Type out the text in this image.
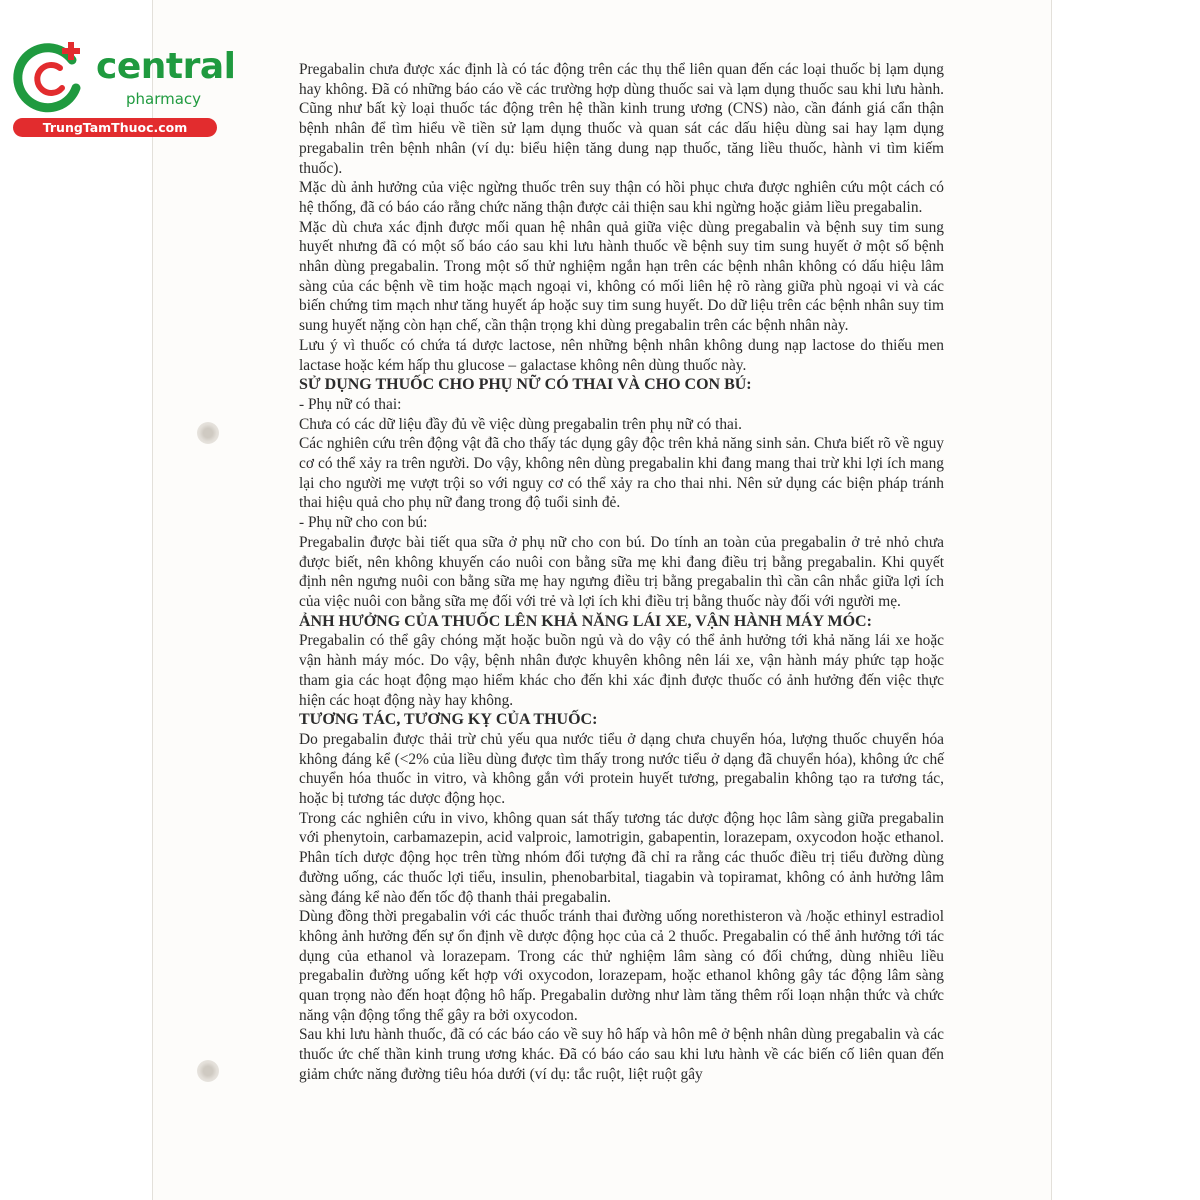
central
pharmacy
TrungTamThuoc.com

Pregabalin chưa được xác định là có tác động trên các thụ thể liên quan đến các loại thuốc bị lạm dụng hay không. Đã có những báo cáo về các trường hợp dùng thuốc sai và lạm dụng thuốc sau khi lưu hành. Cũng như bất kỳ loại thuốc tác động trên hệ thần kinh trung ương (CNS) nào, cần đánh giá cẩn thận bệnh nhân để tìm hiểu về tiền sử lạm dụng thuốc và quan sát các dấu hiệu dùng sai hay lạm dụng pregabalin trên bệnh nhân (ví dụ: biểu hiện tăng dung nạp thuốc, tăng liều thuốc, hành vi tìm kiếm thuốc).

Mặc dù ảnh hưởng của việc ngừng thuốc trên suy thận có hồi phục chưa được nghiên cứu một cách có hệ thống, đã có báo cáo rằng chức năng thận được cải thiện sau khi ngừng hoặc giảm liều pregabalin.

Mặc dù chưa xác định được mối quan hệ nhân quả giữa việc dùng pregabalin và bệnh suy tim sung huyết nhưng đã có một số báo cáo sau khi lưu hành thuốc về bệnh suy tim sung huyết ở một số bệnh nhân dùng pregabalin. Trong một số thử nghiệm ngắn hạn trên các bệnh nhân không có dấu hiệu lâm sàng của các bệnh về tim hoặc mạch ngoại vi, không có mối liên hệ rõ ràng giữa phù ngoại vi và các biến chứng tim mạch như tăng huyết áp hoặc suy tim sung huyết. Do dữ liệu trên các bệnh nhân suy tim sung huyết nặng còn hạn chế, cần thận trọng khi dùng pregabalin trên các bệnh nhân này.

Lưu ý vì thuốc có chứa tá dược lactose, nên những bệnh nhân không dung nạp lactose do thiếu men lactase hoặc kém hấp thu glucose – galactase không nên dùng thuốc này.

SỬ DỤNG THUỐC CHO PHỤ NỮ CÓ THAI VÀ CHO CON BÚ:

- Phụ nữ có thai:

Chưa có các dữ liệu đầy đủ về việc dùng pregabalin trên phụ nữ có thai.

Các nghiên cứu trên động vật đã cho thấy tác dụng gây độc trên khả năng sinh sản. Chưa biết rõ về nguy cơ có thể xảy ra trên người. Do vậy, không nên dùng pregabalin khi đang mang thai trừ khi lợi ích mang lại cho người mẹ vượt trội so với nguy cơ có thể xảy ra cho thai nhi. Nên sử dụng các biện pháp tránh thai hiệu quả cho phụ nữ đang trong độ tuổi sinh đẻ.

- Phụ nữ cho con bú:

Pregabalin được bài tiết qua sữa ở phụ nữ cho con bú. Do tính an toàn của pregabalin ở trẻ nhỏ chưa được biết, nên không khuyến cáo nuôi con bằng sữa mẹ khi đang điều trị bằng pregabalin. Khi quyết định nên ngưng nuôi con bằng sữa mẹ hay ngưng điều trị bằng pregabalin thì cần cân nhắc giữa lợi ích của việc nuôi con bằng sữa mẹ đối với trẻ và lợi ích khi điều trị bằng thuốc này đối với người mẹ.

ẢNH HƯỞNG CỦA THUỐC LÊN KHẢ NĂNG LÁI XE, VẬN HÀNH MÁY MÓC:

Pregabalin có thể gây chóng mặt hoặc buồn ngủ và do vậy có thể ảnh hưởng tới khả năng lái xe hoặc vận hành máy móc. Do vậy, bệnh nhân được khuyên không nên lái xe, vận hành máy phức tạp hoặc tham gia các hoạt động mạo hiểm khác cho đến khi xác định được thuốc có ảnh hưởng đến việc thực hiện các hoạt động này hay không.

TƯƠNG TÁC, TƯƠNG KỴ CỦA THUỐC:

Do pregabalin được thải trừ chủ yếu qua nước tiểu ở dạng chưa chuyển hóa, lượng thuốc chuyển hóa không đáng kể (<2% của liều dùng được tìm thấy trong nước tiểu ở dạng đã chuyển hóa), không ức chế chuyển hóa thuốc in vitro, và không gắn với protein huyết tương, pregabalin không tạo ra tương tác, hoặc bị tương tác dược động học.

Trong các nghiên cứu in vivo, không quan sát thấy tương tác dược động học lâm sàng giữa pregabalin với phenytoin, carbamazepin, acid valproic, lamotrigin, gabapentin, lorazepam, oxycodon hoặc ethanol. Phân tích dược động học trên từng nhóm đối tượng đã chỉ ra rằng các thuốc điều trị tiểu đường dùng đường uống, các thuốc lợi tiểu, insulin, phenobarbital, tiagabin và topiramat, không có ảnh hưởng lâm sàng đáng kể nào đến tốc độ thanh thải pregabalin.

Dùng đồng thời pregabalin với các thuốc tránh thai đường uống norethisteron và /hoặc ethinyl estradiol không ảnh hưởng đến sự ổn định về dược động học của cả 2 thuốc. Pregabalin có thể ảnh hưởng tới tác dụng của ethanol và lorazepam. Trong các thử nghiệm lâm sàng có đối chứng, dùng nhiều liều pregabalin đường uống kết hợp với oxycodon, lorazepam, hoặc ethanol không gây tác động lâm sàng quan trọng nào đến hoạt động hô hấp. Pregabalin dường như làm tăng thêm rối loạn nhận thức và chức năng vận động tổng thể gây ra bởi oxycodon.

Sau khi lưu hành thuốc, đã có các báo cáo về suy hô hấp và hôn mê ở bệnh nhân dùng pregabalin và các thuốc ức chế thần kinh trung ương khác. Đã có báo cáo sau khi lưu hành về các biến cố liên quan đến giảm chức năng đường tiêu hóa dưới (ví dụ: tắc ruột, liệt ruột gây
